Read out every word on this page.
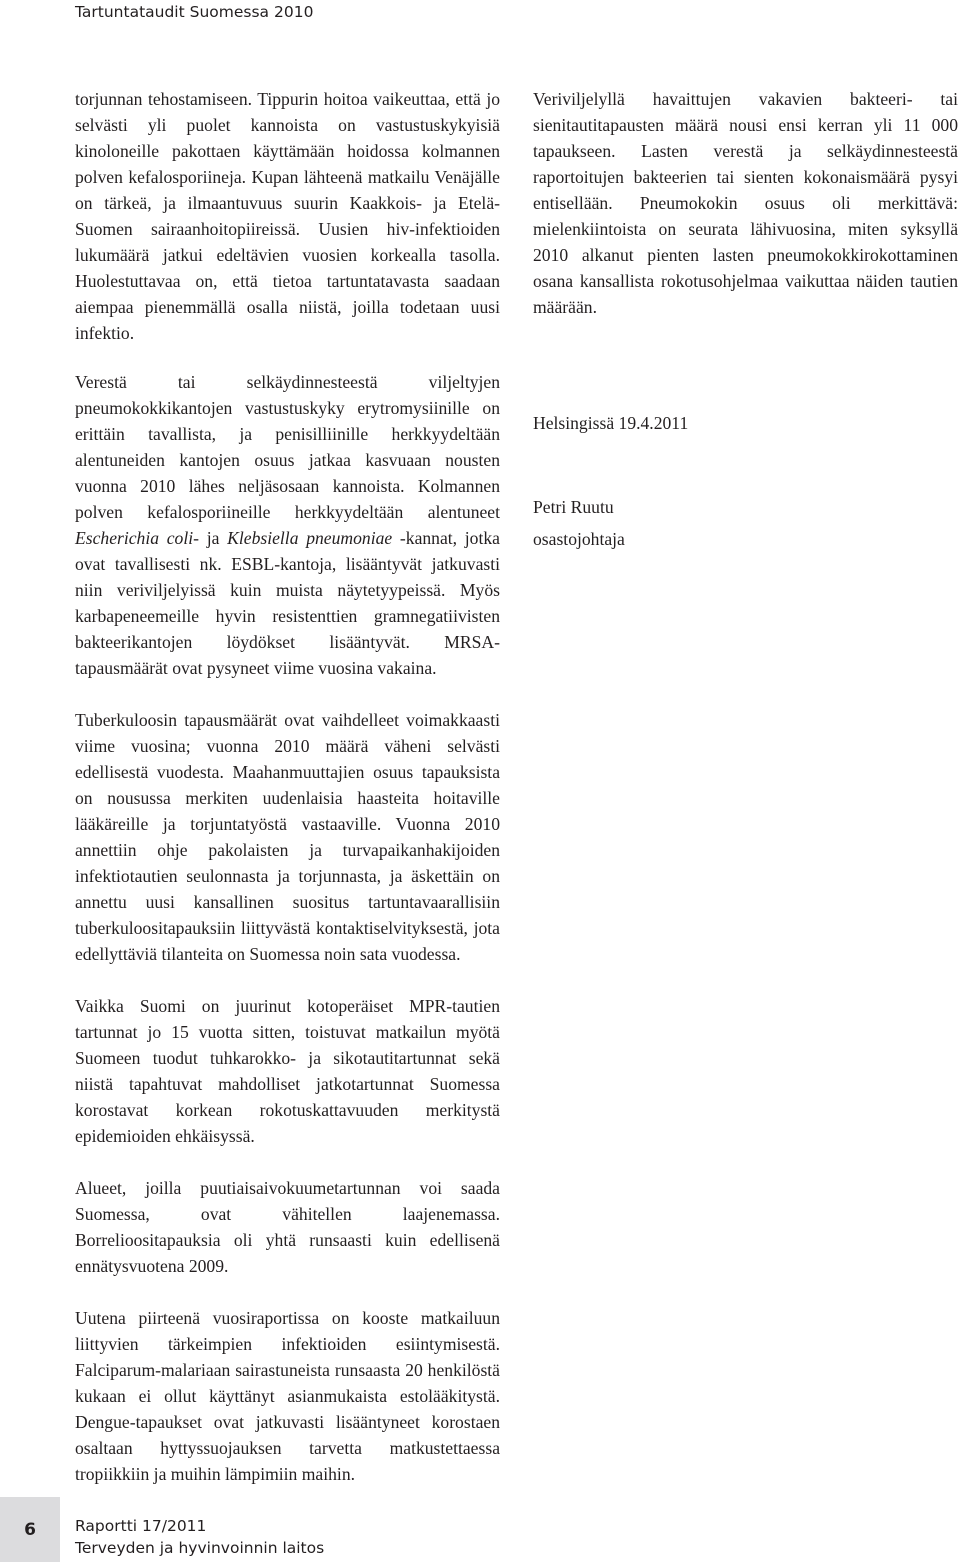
Tartuntataudit Suomessa 2010

torjunnan tehostamiseen. Tippurin hoitoa vaikeuttaa, että jo selvästi yli puolet kannoista on vastustuskykyisiä kinoloneille pakottaen käyttämään hoidossa kolmannen polven kefalosporiineja. Kupan lähteenä matkailu Venäjälle on tärkeä, ja ilmaantuvuus suurin Kaakkois- ja Etelä-Suomen sairaanhoitopiireissä. Uusien hiv-infektioiden lukumäärä jatkui edeltävien vuosien korkealla tasolla. Huolestuttavaa on, että tietoa tartuntatavasta saadaan aiempaa pienemmällä osalla niistä, joilla todetaan uusi infektio.

Verestä tai selkäydinnesteestä viljeltyjen pneumokokkikantojen vastustuskyky erytromysiinille on erittäin tavallista, ja penisilliinille herkkyydeltään alentuneiden kantojen osuus jatkaa kasvuaan nousten vuonna 2010 lähes neljäsosaan kannoista. Kolmannen polven kefalosporiineille herkkyydeltään alentuneet Escherichia coli- ja Klebsiella pneumoniae -kannat, jotka ovat tavallisesti nk. ESBL-kantoja, lisääntyvät jatkuvasti niin veriviljelyissä kuin muista näytetyypeissä. Myös karbapeneemeille hyvin resistenttien gramnegatiivisten bakteerikantojen löydökset lisääntyvät. MRSA-tapausmäärät ovat pysyneet viime vuosina vakaina.

Tuberkuloosin tapausmäärät ovat vaihdelleet voimakkaasti viime vuosina; vuonna 2010 määrä väheni selvästi edellisestä vuodesta. Maahanmuuttajien osuus tapauksista on nousussa merkiten uudenlaisia haasteita hoitaville lääkäreille ja torjuntatyöstä vastaaville. Vuonna 2010 annettiin ohje pakolaisten ja turvapaikanhakijoiden infektiotautien seulonnasta ja torjunnasta, ja äskettäin on annettu uusi kansallinen suositus tartuntavaarallisiin tuberkuloositapauksiin liittyvästä kontaktiselvityksestä, jota edellyttäviä tilanteita on Suomessa noin sata vuodessa.

Vaikka Suomi on juurinut kotoperäiset MPR-tautien tartunnat jo 15 vuotta sitten, toistuvat matkailun myötä Suomeen tuodut tuhkarokko- ja sikotautitartunnat sekä niistä tapahtuvat mahdolliset jatkotartunnat Suomessa korostavat korkean rokotuskattavuuden merkitystä epidemioiden ehkäisyssä.

Alueet, joilla puutiaisaivokuumetartunnan voi saada Suomessa, ovat vähitellen laajenemassa. Borrelioositapauksia oli yhtä runsaasti kuin edellisenä ennätysvuotena 2009.

Uutena piirteenä vuosiraportissa on kooste matkailuun liittyvien tärkeimpien infektioiden esiintymisestä. Falciparum-malariaan sairastuneista runsaasta 20 henkilöstä kukaan ei ollut käyttänyt asianmukaista estolääkitystä. Dengue-tapaukset ovat jatkuvasti lisääntyneet korostaen osaltaan hyttyssuojauksen tarvetta matkustettaessa tropiikkiin ja muihin lämpimiin maihin.

Veriviljelyllä havaittujen vakavien bakteeri- tai sienitautitapausten määrä nousi ensi kerran yli 11 000 tapaukseen. Lasten verestä ja selkäydinnesteestä raportoitujen bakteerien tai sienten kokonaismäärä pysyi entisellään. Pneumokokin osuus oli merkittävä: mielenkiintoista on seurata lähivuosina, miten syksyllä 2010 alkanut pienten lasten pneumokokkirokottaminen osana kansallista rokotusohjelmaa vaikuttaa näiden tautien määrään.

Helsingissä 19.4.2011
Petri Ruutu
osastojohtaja
6	Raportti 17/2011
Terveyden ja hyvinvoinnin laitos
